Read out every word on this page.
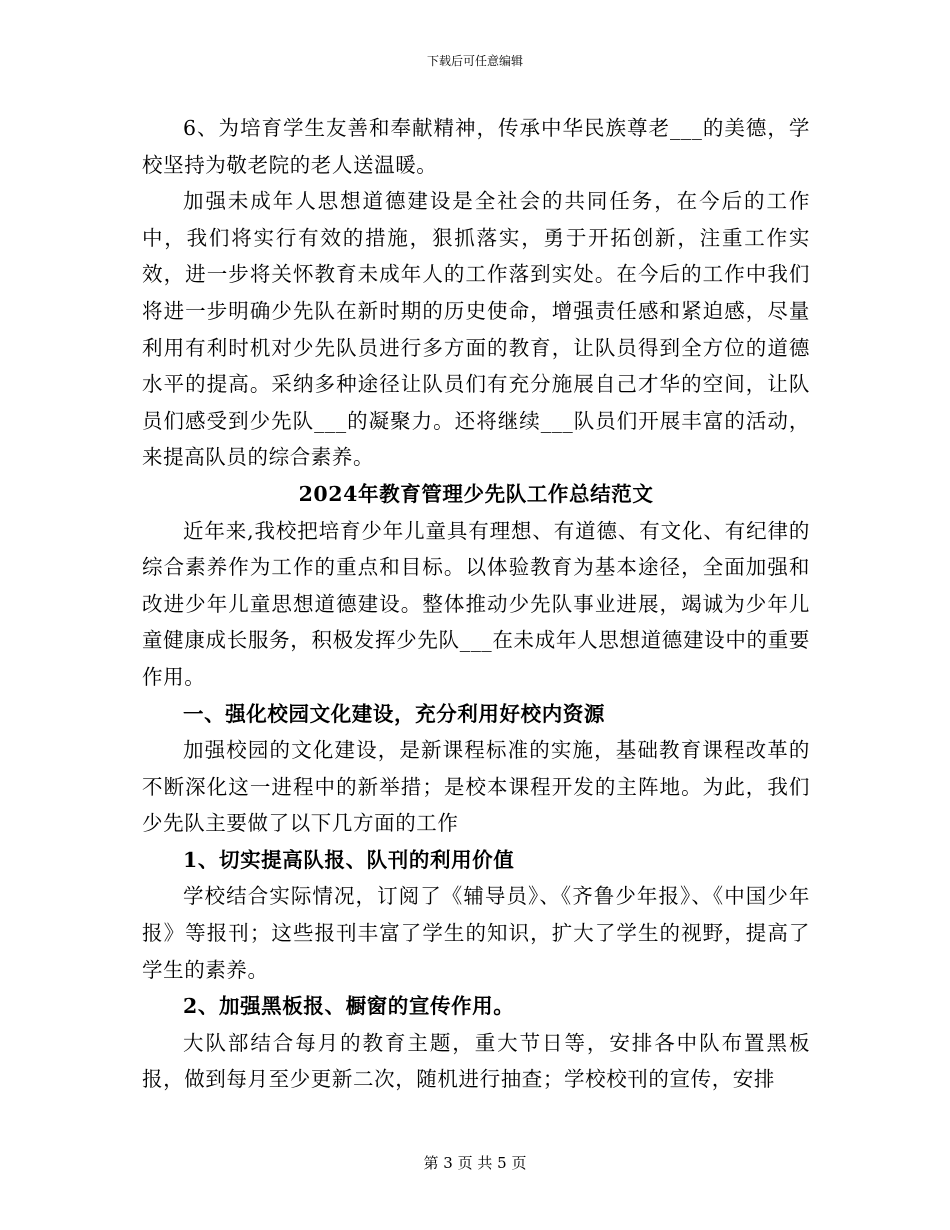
下载后可任意编辑

6、为培育学生友善和奉献精神，传承中华民族尊老___的美德，学校坚持为敬老院的老人送温暖。

加强未成年人思想道德建设是全社会的共同任务，在今后的工作中，我们将实行有效的措施，狠抓落实，勇于开拓创新，注重工作实效，进一步将关怀教育未成年人的工作落到实处。在今后的工作中我们将进一步明确少先队在新时期的历史使命，增强责任感和紧迫感，尽量利用有利时机对少先队员进行多方面的教育，让队员得到全方位的道德水平的提高。采纳多种途径让队员们有充分施展自己才华的空间，让队员们感受到少先队___的凝聚力。还将继续___队员们开展丰富的活动，来提高队员的综合素养。

2024年教育管理少先队工作总结范文

近年来,我校把培育少年儿童具有理想、有道德、有文化、有纪律的综合素养作为工作的重点和目标。以体验教育为基本途径，全面加强和改进少年儿童思想道德建设。整体推动少先队事业进展，竭诚为少年儿童健康成长服务，积极发挥少先队___在未成年人思想道德建设中的重要作用。

一、强化校园文化建设，充分利用好校内资源

加强校园的文化建设，是新课程标准的实施，基础教育课程改革的不断深化这一进程中的新举措；是校本课程开发的主阵地。为此，我们少先队主要做了以下几方面的工作

1、切实提高队报、队刊的利用价值

学校结合实际情况，订阅了《辅导员》、《齐鲁少年报》、《中国少年报》等报刊；这些报刊丰富了学生的知识，扩大了学生的视野，提高了学生的素养。

2、加强黑板报、橱窗的宣传作用。

大队部结合每月的教育主题，重大节日等，安排各中队布置黑板报，做到每月至少更新二次，随机进行抽查；学校校刊的宣传，安排

第 3 页 共 5 页
